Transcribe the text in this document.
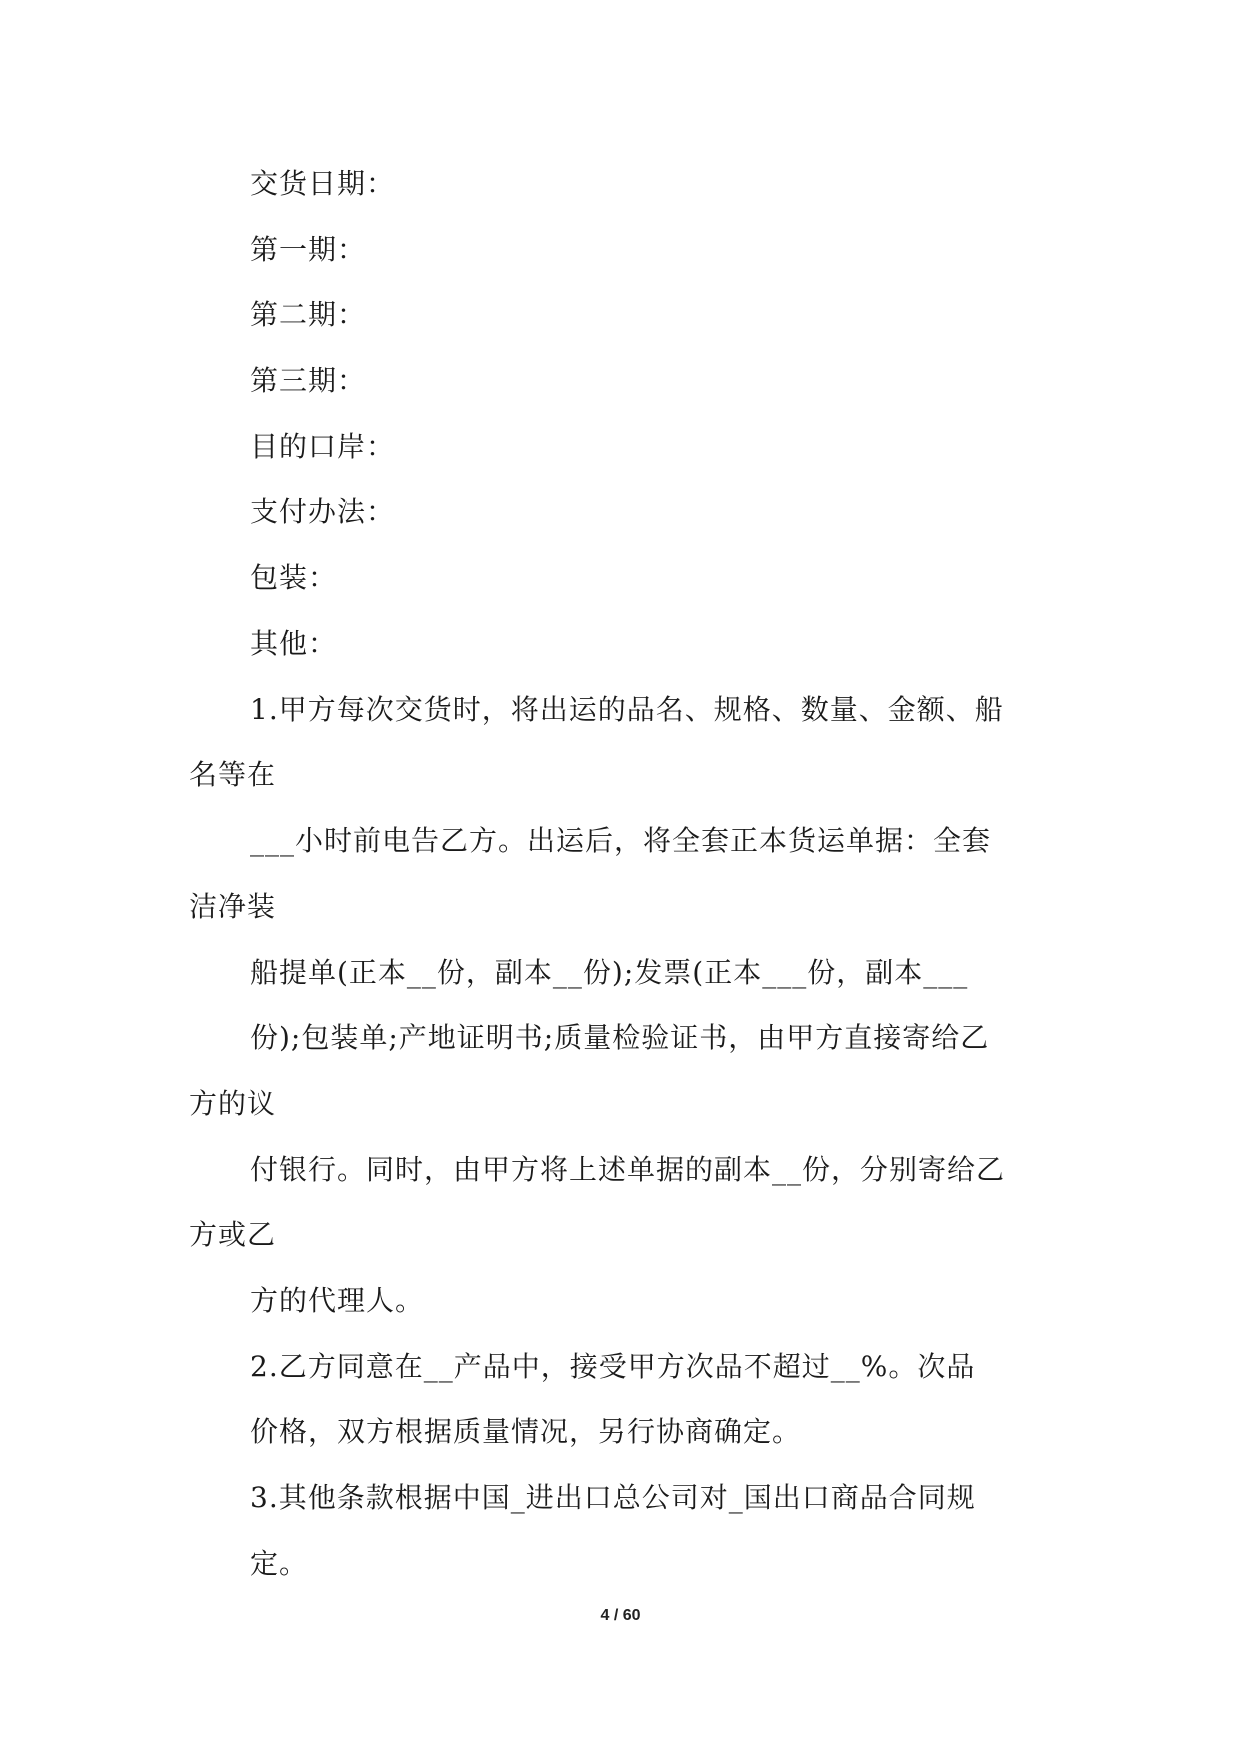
交货日期：
第一期：
第二期：
第三期：
目的口岸：
支付办法：
包装：
其他：
1.甲方每次交货时，将出运的品名、规格、数量、金额、船
名等在
___小时前电告乙方。出运后，将全套正本货运单据：全套
洁净装
船提单(正本__份，副本__份);发票(正本___份，副本___
份);包装单;产地证明书;质量检验证书，由甲方直接寄给乙
方的议
付银行。同时，由甲方将上述单据的副本__份，分别寄给乙
方或乙
方的代理人。
2.乙方同意在__产品中，接受甲方次品不超过__%。次品
价格，双方根据质量情况，另行协商确定。
3.其他条款根据中国_进出口总公司对_国出口商品合同规
定。
4 / 60
